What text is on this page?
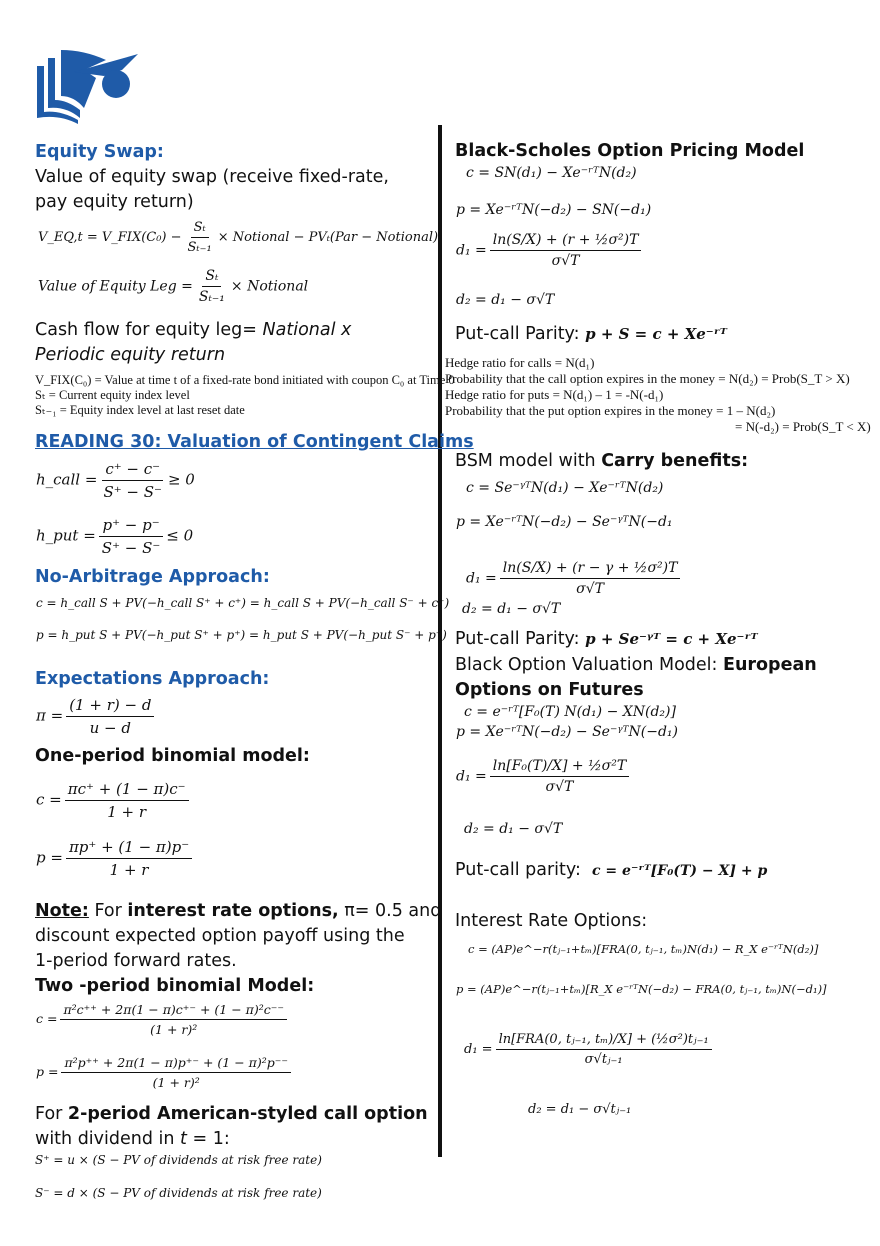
Equity Swap:
Value of equity swap (receive fixed-rate,
pay equity return)
V_EQ,t = V_FIX(C₀) − $\frac{\text{Sₜ}}{\text{Sₜ₋₁}}$ × Notional − PVₜ(Par − Notional)
Value of Equity Leg = $\frac{\text{Sₜ}}{\text{Sₜ₋₁}}$ × Notional
Cash flow for equity leg= National x
Periodic equity return
V_FIX(C₀) = Value at time t of a fixed-rate bond initiated with coupon C₀ at Time 0
Sₜ = Current equity index level
Sₜ₋₁ = Equity index level at last reset date
READING 30: Valuation of Contingent Claims
h_call = $\frac{c^+ - c^-}{S^+ - S^-} \ge 0$
h_put = $\frac{p^+ - p^-}{S^+ - S^-} \le 0$
No-Arbitrage Approach:
c = h_call S + PV(−h_call S⁺ + c⁺) = h_call S + PV(−h_call S⁻ + c⁻)
p = h_put S + PV(−h_put S⁺ + p⁺) = h_put S + PV(−h_put S⁻ + p⁻)
Expectations Approach:
$\pi = \frac{(1 + r) - d}{u - d}$
One-period binomial model:
$c = \frac{\pi c^+ + (1 - \pi)c^-}{1 + r}$
$p = \frac{\pi p^+ + (1 - \pi)p^-}{1 + r}$
Note: For interest rate options, π= 0.5 and
discount expected option payoff using the
1-period forward rates.
Two -period binomial Model:
$c = \frac{\text{π²c⁺⁺ + 2π(1 − π)c⁺⁻ + (1 − π)²c⁻⁻}}{\text{(1 + r)²}}$
$p = \frac{\text{π²p⁺⁺ + 2π(1 − π)p⁺⁻ + (1 − π)²p⁻⁻}}{\text{(1 + r)²}}$
For 2-period American-styled call option
with dividend in t = 1:
S⁺ = u × (S − PV of dividends at risk free rate)
S⁻ = d × (S − PV of dividends at risk free rate)
Black-Scholes Option Pricing Model
c = SN(d₁) − Xe⁻ʳᵀN(d₂)
p = Xe⁻ʳᵀN(−d₂) − SN(−d₁)
$d_1 = \frac{\text{ln(S/X) + (r + ½σ²)T}}{\sigma√T}$
d₂ = d₁ − σ√T
Put-call Parity: p + S = c + Xe⁻ʳᵀ
Hedge ratio for calls = N(d₁)
Probability that the call option expires in the money = N(d₂) = Prob(S_T > X)
Hedge ratio for puts = N(d₁) – 1 = -N(-d₁)
Probability that the put option expires in the money = 1 – N(d₂)
= N(-d₂) = Prob(S_T < X)
BSM model with Carry benefits:
c = Se⁻ᵞᵀN(d₁) − Xe⁻ʳᵀN(d₂)
p = Xe⁻ʳᵀN(−d₂) − Se⁻ᵞᵀN(−d₁
$d_1 = \frac{\text{ln(S/X) + (r − γ + ½σ²)T}}{\sigma√T}$
d₂ = d₁ − σ√T
Put-call Parity: p + Se⁻ᵞᵀ = c + Xe⁻ʳᵀ
Black Option Valuation Model: European
Options on Futures
c = e⁻ʳᵀ[F₀(T) N(d₁) − XN(d₂)]
p = Xe⁻ʳᵀN(−d₂) − Se⁻ᵞᵀN(−d₁)
$d_1 = \frac{\text{ln[F₀(T)/X] + ½σ²T}}{\sigma√T}$
d₂ = d₁ − σ√T
Put-call parity: c = e⁻ʳᵀ[F₀(T) − X] + p
Interest Rate Options:
c = (AP)e^−r(tⱼ₋₁+tₘ)[FRA(0, tⱼ₋₁, tₘ)N(d₁) − R_X e⁻ʳᵀN(d₂)]
p = (AP)e^−r(tⱼ₋₁+tₘ)[R_X e⁻ʳᵀN(−d₂) − FRA(0, tⱼ₋₁, tₘ)N(−d₁)]
$d_1 = \frac{\text{ln[FRA(0, tⱼ₋₁, tₘ)/X] + (½σ²)tⱼ₋₁}}{\text{σ√tⱼ₋₁}}$
d₂ = d₁ − σ√tⱼ₋₁
